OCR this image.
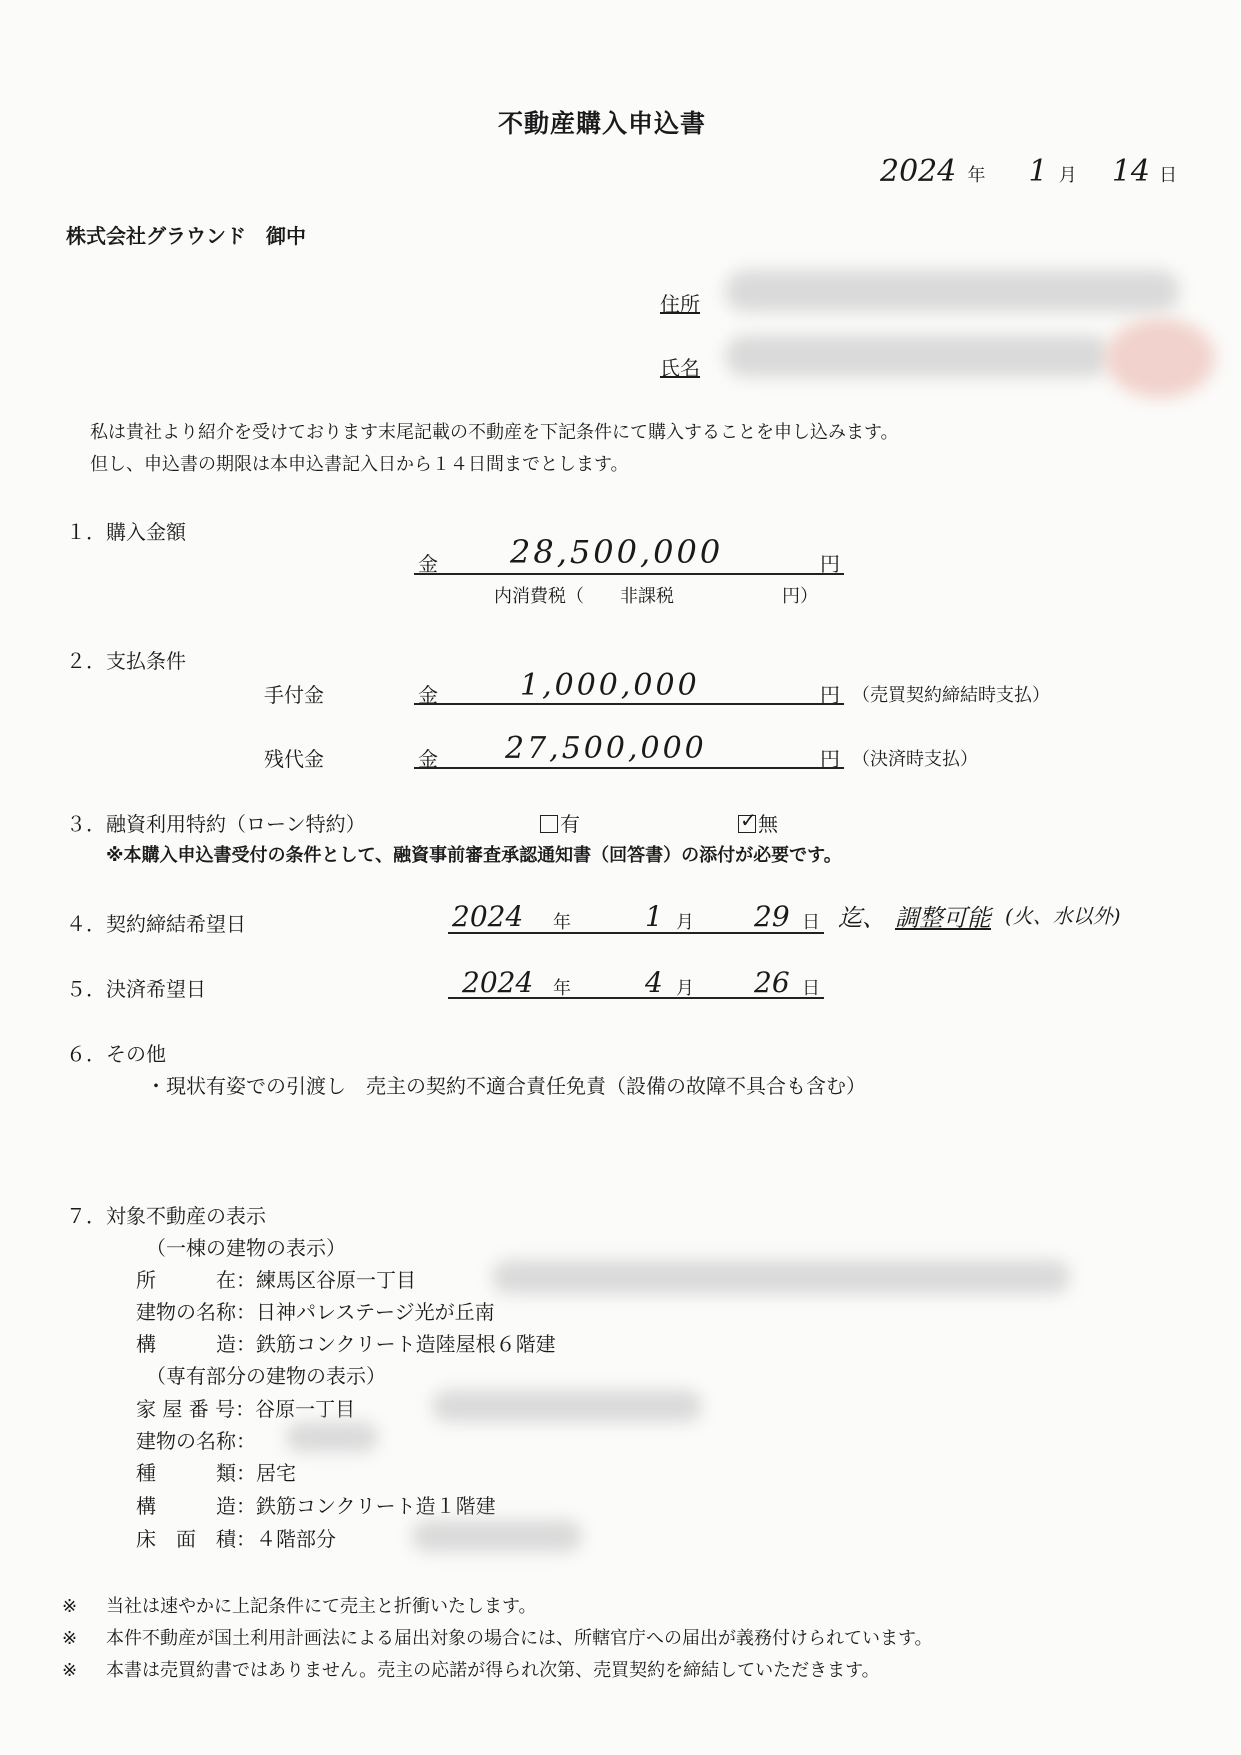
不動産購入申込書
2024 年 1 月 14 日
株式会社グラウンド　御中
住所
氏名
私は貴社より紹介を受けております末尾記載の不動産を下記条件にて購入することを申し込みます。
但し、申込書の期限は本申込書記入日から１４日間までとします。
１．購入金額
金 28,500,000	円
内消費税（　　非課税　　　　　　円）
２．支払条件
手付金	金	1,000,000	円 （売買契約締結時支払）
残代金	金 27,500,000	円 （決済時支払）
３．融資利用特約（ローン特約）	有	✓ 無
※本購入申込書受付の条件として、融資事前審査承認通知書（回答書）の添付が必要です。
４．契約締結希望日	2024 年	1 月 29 日 迄、 調整可能 (火、水以外)
５．決済希望日	2024 年	4 月 26 日
６．その他
・現状有姿での引渡し　売主の契約不適合責任免責（設備の故障不具合も含む）
７．対象不動産の表示
（一棟の建物の表示）
所　　　在：練馬区谷原一丁目
建物の名称：日神パレステージ光が丘南
構　　　造：鉄筋コンクリート造陸屋根６階建
（専有部分の建物の表示）
家 屋 番 号：谷原一丁目
建物の名称：
種　　　類：居宅
構　　　造：鉄筋コンクリート造１階建
床　面　積：４階部分
※ 当社は速やかに上記条件にて売主と折衝いたします。
※ 本件不動産が国土利用計画法による届出対象の場合には、所轄官庁への届出が義務付けられています。
※ 本書は売買約書ではありません。売主の応諾が得られ次第、売買契約を締結していただきます。
